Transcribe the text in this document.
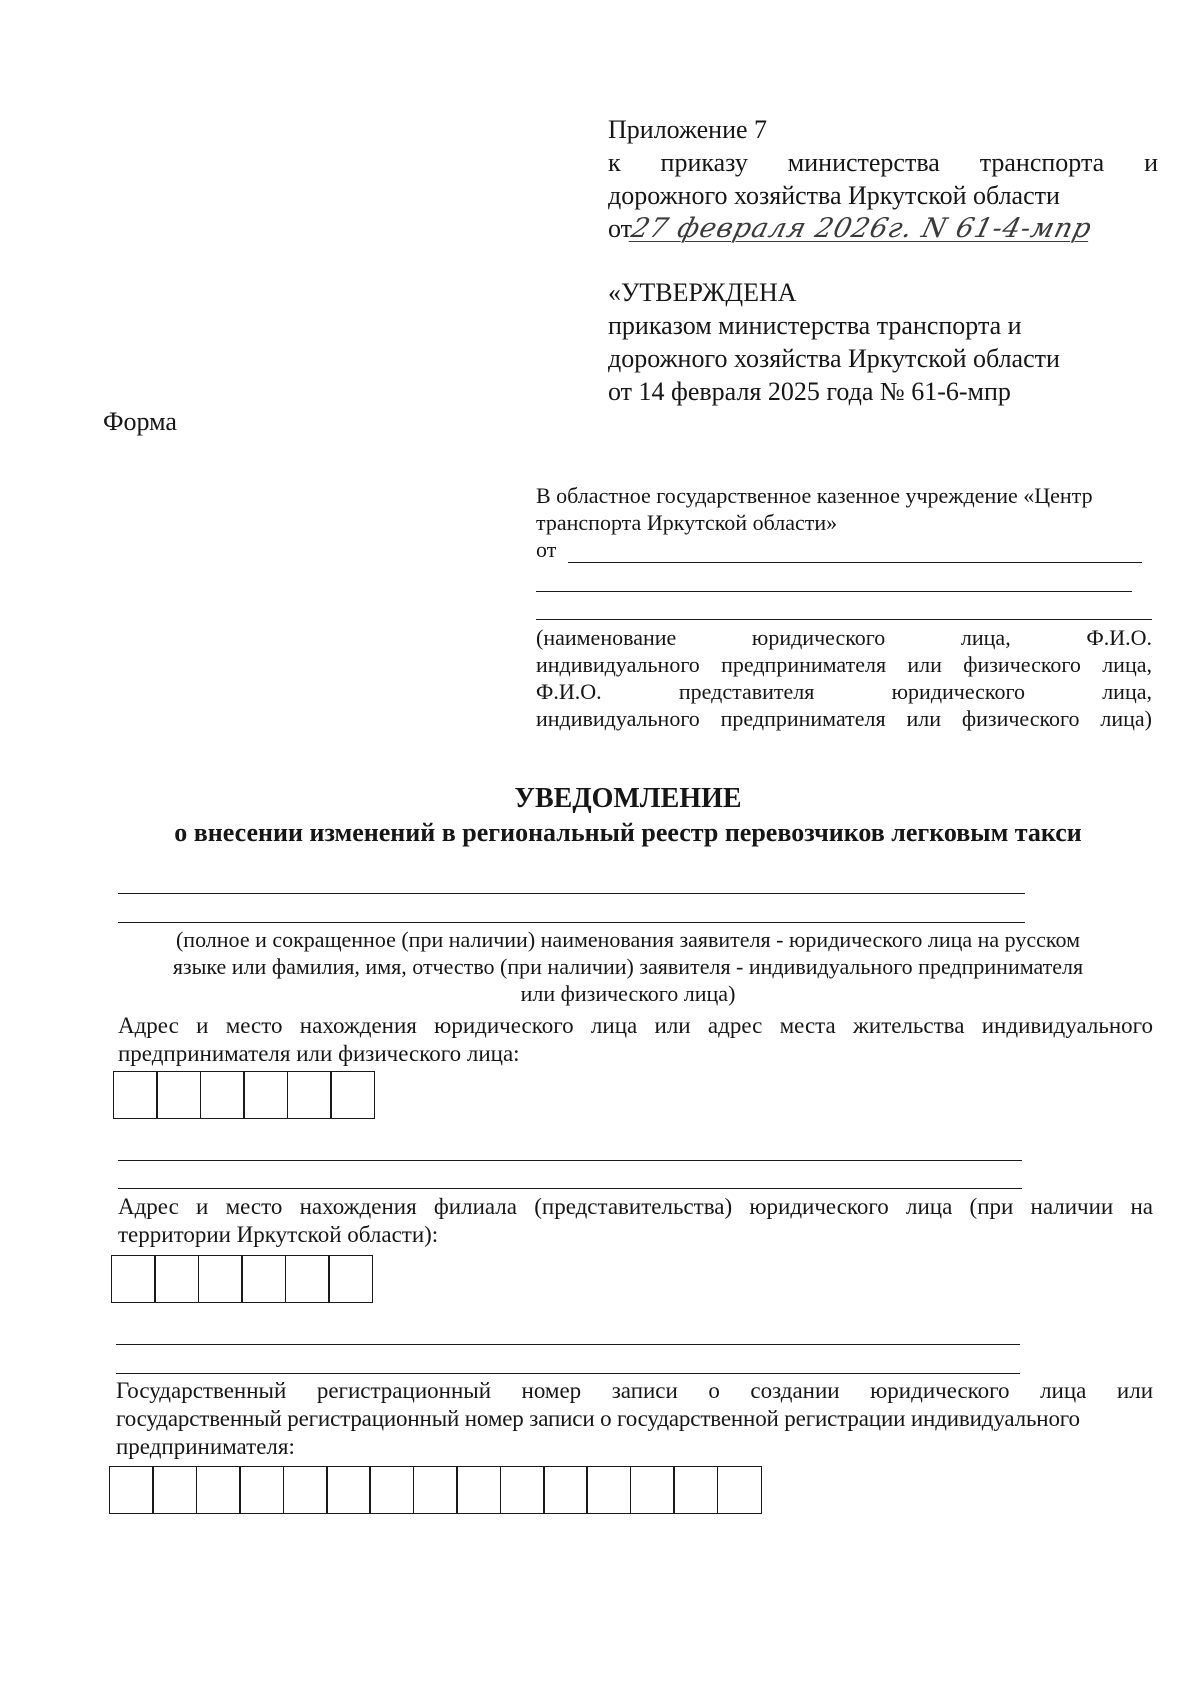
Приложение 7
к приказу министерства транспорта и
дорожного хозяйства Иркутской области
от27 февраля 2026г. N 61-4-мпр
«УТВЕРЖДЕНА
приказом министерства транспорта и
дорожного хозяйства Иркутской области
от 14 февраля 2025 года № 61-6-мпр
Форма
В областное государственное казенное учреждение «Центр
транспорта Иркутской области»
от
(наименование юридического лица, Ф.И.О.
индивидуального предпринимателя или физического лица,
Ф.И.О. представителя юридического лица,
индивидуального предпринимателя или физического лица)
УВЕДОМЛЕНИЕ
о внесении изменений в региональный реестр перевозчиков легковым такси
(полное и сокращенное (при наличии) наименования заявителя - юридического лица на русском
языке или фамилия, имя, отчество (при наличии) заявителя - индивидуального предпринимателя
или физического лица)
Адрес и место нахождения юридического лица или адрес места жительства индивидуального
предпринимателя или физического лица:
Адрес и место нахождения филиала (представительства) юридического лица (при наличии на
территории Иркутской области):
Государственный регистрационный номер записи о создании юридического лица или
государственный регистрационный номер записи о государственной регистрации индивидуального
предпринимателя:
